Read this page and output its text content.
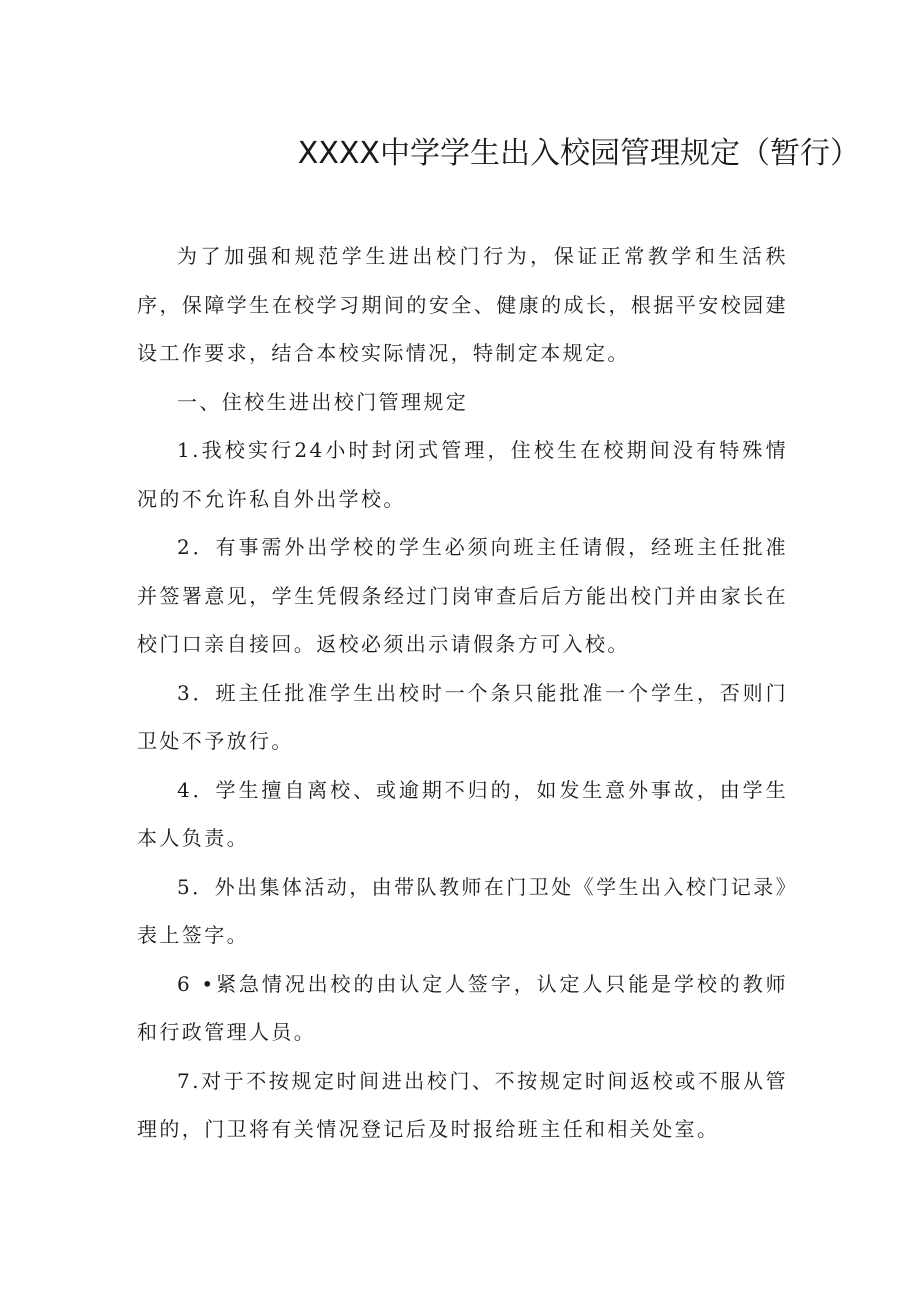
XXXX中学学生出入校园管理规定（暂行）

为了加强和规范学生进出校门行为，保证正常教学和生活秩序，保障学生在校学习期间的安全、健康的成长，根据平安校园建设工作要求，结合本校实际情况，特制定本规定。

一、住校生进出校门管理规定

1.我校实行24小时封闭式管理，住校生在校期间没有特殊情况的不允许私自外出学校。

2．有事需外出学校的学生必须向班主任请假，经班主任批准并签署意见，学生凭假条经过门岗审查后后方能出校门并由家长在校门口亲自接回。返校必须出示请假条方可入校。

3．班主任批准学生出校时一个条只能批准一个学生，否则门卫处不予放行。

4．学生擅自离校、或逾期不归的，如发生意外事故，由学生本人负责。

5．外出集体活动，由带队教师在门卫处《学生出入校门记录》表上签字。

6 •紧急情况出校的由认定人签字，认定人只能是学校的教师和行政管理人员。

7.对于不按规定时间进出校门、不按规定时间返校或不服从管理的，门卫将有关情况登记后及时报给班主任和相关处室。
